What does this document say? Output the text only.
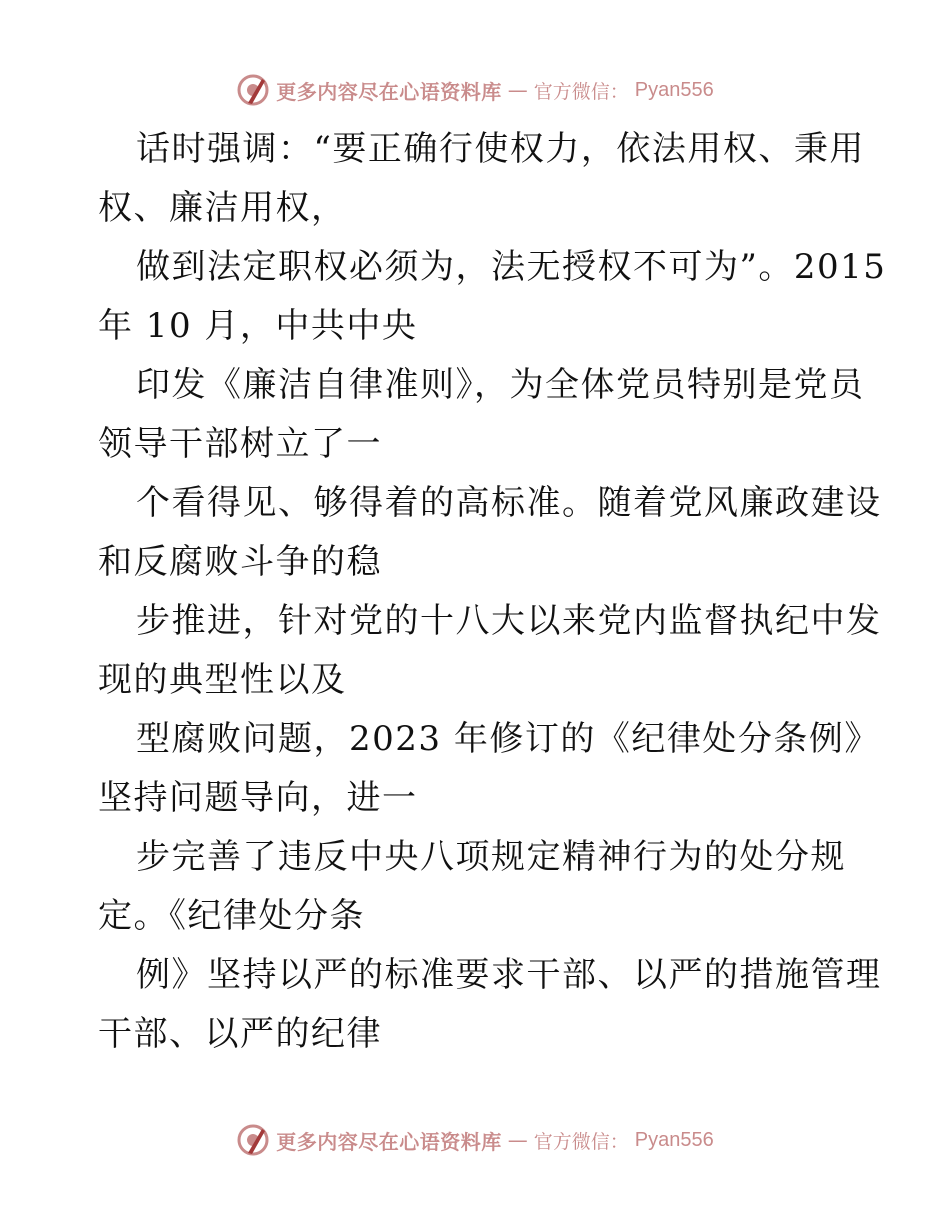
更多内容尽在心语资料库 — 官方微信： Pyan556
话时强调：“要正确行使权力，依法用权、秉用
权、廉洁用权，
做到法定职权必须为，法无授权不可为”。2015
年 10 月，中共中央
印发《廉洁自律准则》，为全体党员特别是党员
领导干部树立了一
个看得见、够得着的高标准。随着党风廉政建设
和反腐败斗争的稳
步推进，针对党的十八大以来党内监督执纪中发
现的典型性以及
型腐败问题，2023 年修订的《纪律处分条例》
坚持问题导向，进一
步完善了违反中央八项规定精神行为的处分规
定。《纪律处分条
例》坚持以严的标准要求干部、以严的措施管理
干部、以严的纪律
更多内容尽在心语资料库 — 官方微信： Pyan556
